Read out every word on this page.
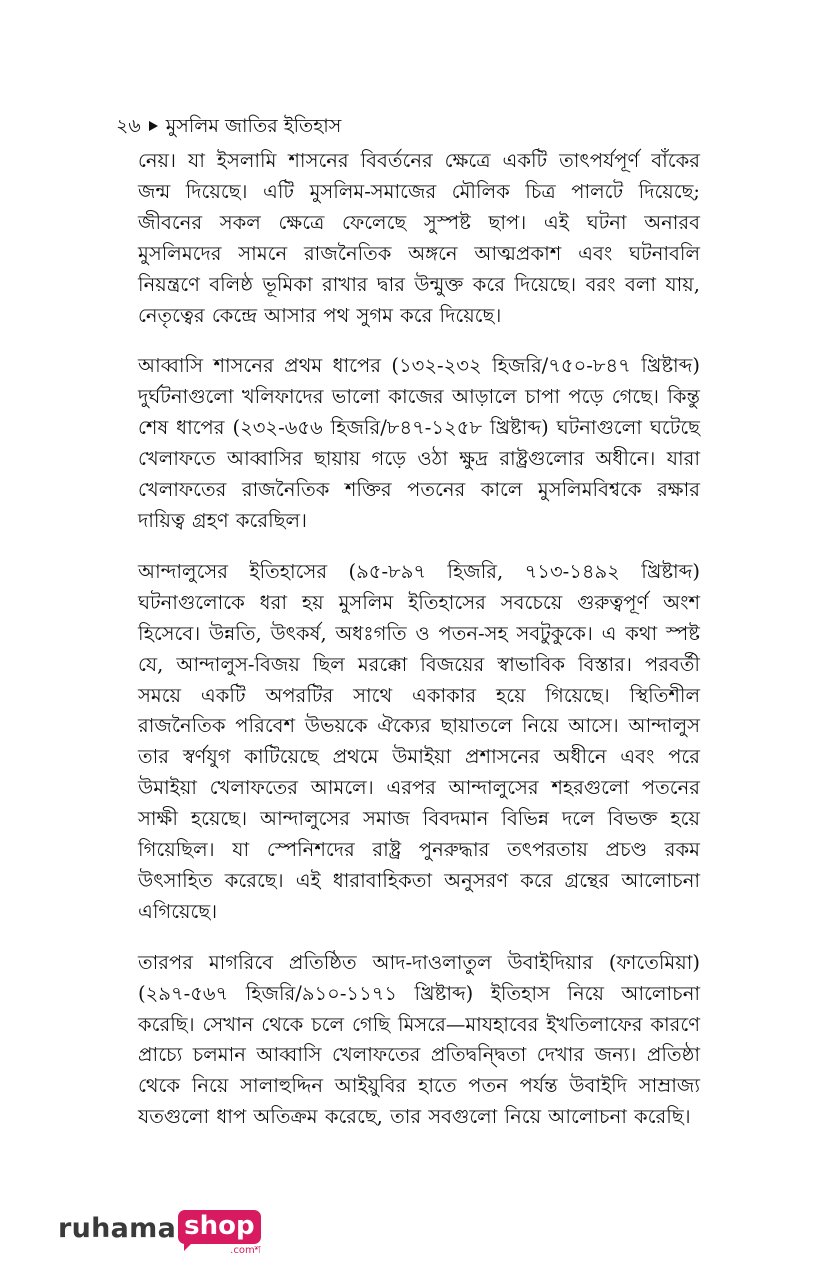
২৬ মুসলিম জাতির ইতিহাস

নেয়। যা ইসলামি শাসনের বিবর্তনের ক্ষেত্রে একটি তাৎপর্যপূর্ণ বাঁকের জন্ম দিয়েছে। এটি মুসলিম-সমাজের মৌলিক চিত্র পালটে দিয়েছে; জীবনের সকল ক্ষেত্রে ফেলেছে সুস্পষ্ট ছাপ। এই ঘটনা অনারব মুসলিমদের সামনে রাজনৈতিক অঙ্গনে আত্মপ্রকাশ এবং ঘটনাবলি নিয়ন্ত্রণে বলিষ্ঠ ভূমিকা রাখার দ্বার উন্মুক্ত করে দিয়েছে। বরং বলা যায়, নেতৃত্বের কেন্দ্রে আসার পথ সুগম করে দিয়েছে।

আব্বাসি শাসনের প্রথম ধাপের (১৩২-২৩২ হিজরি/৭৫০-৮৪৭ খ্রিষ্টাব্দ) দুর্ঘটনাগুলো খলিফাদের ভালো কাজের আড়ালে চাপা পড়ে গেছে। কিন্তু শেষ ধাপের (২৩২-৬৫৬ হিজরি/৮৪৭-১২৫৮ খ্রিষ্টাব্দ) ঘটনাগুলো ঘটেছে খেলাফতে আব্বাসির ছায়ায় গড়ে ওঠা ক্ষুদ্র রাষ্ট্রগুলোর অধীনে। যারা খেলাফতের রাজনৈতিক শক্তির পতনের কালে মুসলিমবিশ্বকে রক্ষার দায়িত্ব গ্রহণ করেছিল।

আন্দালুসের ইতিহাসের (৯৫-৮৯৭ হিজরি, ৭১৩-১৪৯২ খ্রিষ্টাব্দ) ঘটনাগুলোকে ধরা হয় মুসলিম ইতিহাসের সবচেয়ে গুরুত্বপূর্ণ অংশ হিসেবে। উন্নতি, উৎকর্ষ, অধঃগতি ও পতন-সহ সবটুকুকে। এ কথা স্পষ্ট যে, আন্দালুস-বিজয় ছিল মরক্কো বিজয়ের স্বাভাবিক বিস্তার। পরবর্তী সময়ে একটি অপরটির সাথে একাকার হয়ে গিয়েছে। স্থিতিশীল রাজনৈতিক পরিবেশ উভয়কে ঐক্যের ছায়াতলে নিয়ে আসে। আন্দালুস তার স্বর্ণযুগ কাটিয়েছে প্রথমে উমাইয়া প্রশাসনের অধীনে এবং পরে উমাইয়া খেলাফতের আমলে। এরপর আন্দালুসের শহরগুলো পতনের সাক্ষী হয়েছে। আন্দালুসের সমাজ বিবদমান বিভিন্ন দলে বিভক্ত হয়ে গিয়েছিল। যা স্পেনিশদের রাষ্ট্র পুনরুদ্ধার তৎপরতায় প্রচণ্ড রকম উৎসাহিত করেছে। এই ধারাবাহিকতা অনুসরণ করে গ্রন্থের আলোচনা এগিয়েছে।

তারপর মাগরিবে প্রতিষ্ঠিত আদ-দাওলাতুল উবাইদিয়ার (ফাতেমিয়া) (২৯৭-৫৬৭ হিজরি/৯১০-১১৭১ খ্রিষ্টাব্দ) ইতিহাস নিয়ে আলোচনা করেছি। সেখান থেকে চলে গেছি মিসরে—মাযহাবের ইখতিলাফের কারণে প্রাচ্যে চলমান আব্বাসি খেলাফতের প্রতিদ্বন্দ্বিতা দেখার জন্য। প্রতিষ্ঠা থেকে নিয়ে সালাহুদ্দিন আইয়ুবির হাতে পতন পর্যন্ত উবাইদি সাম্রাজ্য যতগুলো ধাপ অতিক্রম করেছে, তার সবগুলো নিয়ে আলোচনা করেছি।

ruhama shop
.comশ
